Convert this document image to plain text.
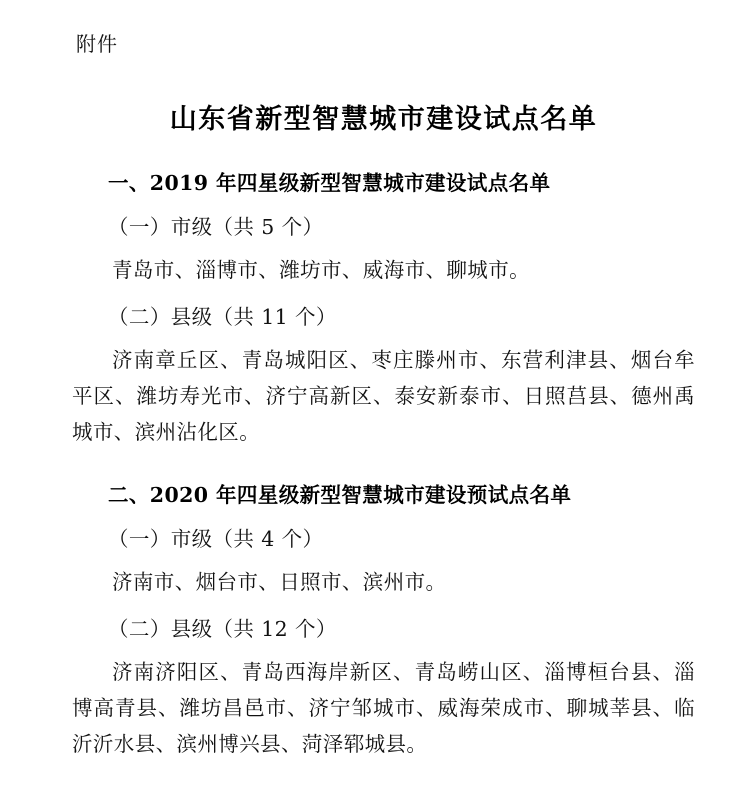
附件
山东省新型智慧城市建设试点名单
一、2019 年四星级新型智慧城市建设试点名单

（一）市级（共 5 个）

青岛市、淄博市、潍坊市、威海市、聊城市。

（二）县级（共 11 个）

济南章丘区、青岛城阳区、枣庄滕州市、东营利津县、烟台牟平区、潍坊寿光市、济宁高新区、泰安新泰市、日照莒县、德州禹城市、滨州沾化区。

二、2020 年四星级新型智慧城市建设预试点名单

（一）市级（共 4 个）

济南市、烟台市、日照市、滨州市。

（二）县级（共 12 个）

济南济阳区、青岛西海岸新区、青岛崂山区、淄博桓台县、淄博高青县、潍坊昌邑市、济宁邹城市、威海荣成市、聊城莘县、临沂沂水县、滨州博兴县、菏泽郓城县。
